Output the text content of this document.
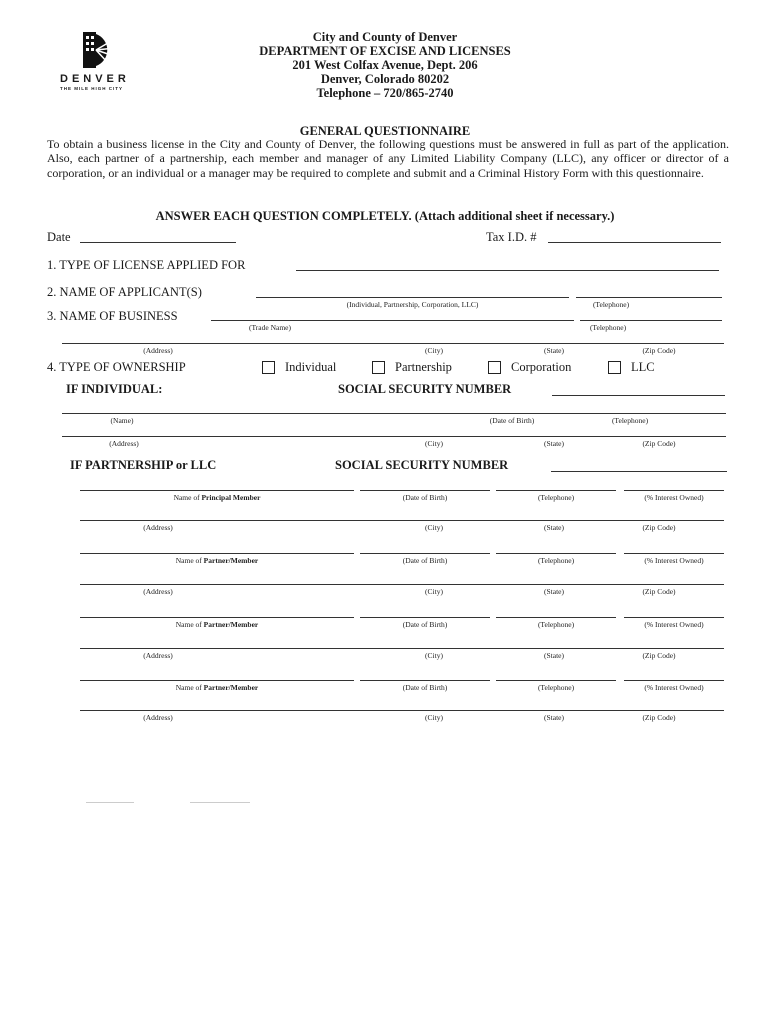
DENVER
THE MILE HIGH CITY
City and County of Denver
DEPARTMENT OF EXCISE AND LICENSES
201 West Colfax Avenue, Dept. 206
Denver, Colorado 80202
Telephone – 720/865-2740
GENERAL QUESTIONNAIRE
To obtain a business license in the City and County of Denver, the following questions must be answered in full as part of the application. Also, each partner of a partnership, each member and manager of any Limited Liability Company (LLC), any officer or director of a corporation, or an individual or a manager may be required to complete and submit and a Criminal History Form with this questionnaire.
ANSWER EACH QUESTION COMPLETELY. (Attach additional sheet if necessary.)
Date	Tax I.D. #
1. TYPE OF LICENSE APPLIED FOR
2. NAME OF APPLICANT(S)
(Individual, Partnership, Corporation, LLC)	(Telephone)
3. NAME OF BUSINESS
(Trade Name)	(Telephone)
(Address)	(City)	(State)	(Zip Code)
4. TYPE OF OWNERSHIP	Individual	Partnership	Corporation	LLC
IF INDIVIDUAL:	SOCIAL SECURITY NUMBER
(Name)	(Date of Birth)	(Telephone)
(Address)	(City)	(State)	(Zip Code)
IF PARTNERSHIP or LLC	SOCIAL SECURITY NUMBER
Name of Principal Member	(Date of Birth)	(Telephone)	(% Interest Owned)
(Address)	(City)	(State)	(Zip Code)
Name of Partner/Member	(Date of Birth)	(Telephone)	(% Interest Owned)
(Address)	(City)	(State)	(Zip Code)
Name of Partner/Member	(Date of Birth)	(Telephone)	(% Interest Owned)
(Address)	(City)	(State)	(Zip Code)
Name of Partner/Member	(Date of Birth)	(Telephone)	(% Interest Owned)
(Address)	(City)	(State)	(Zip Code)
